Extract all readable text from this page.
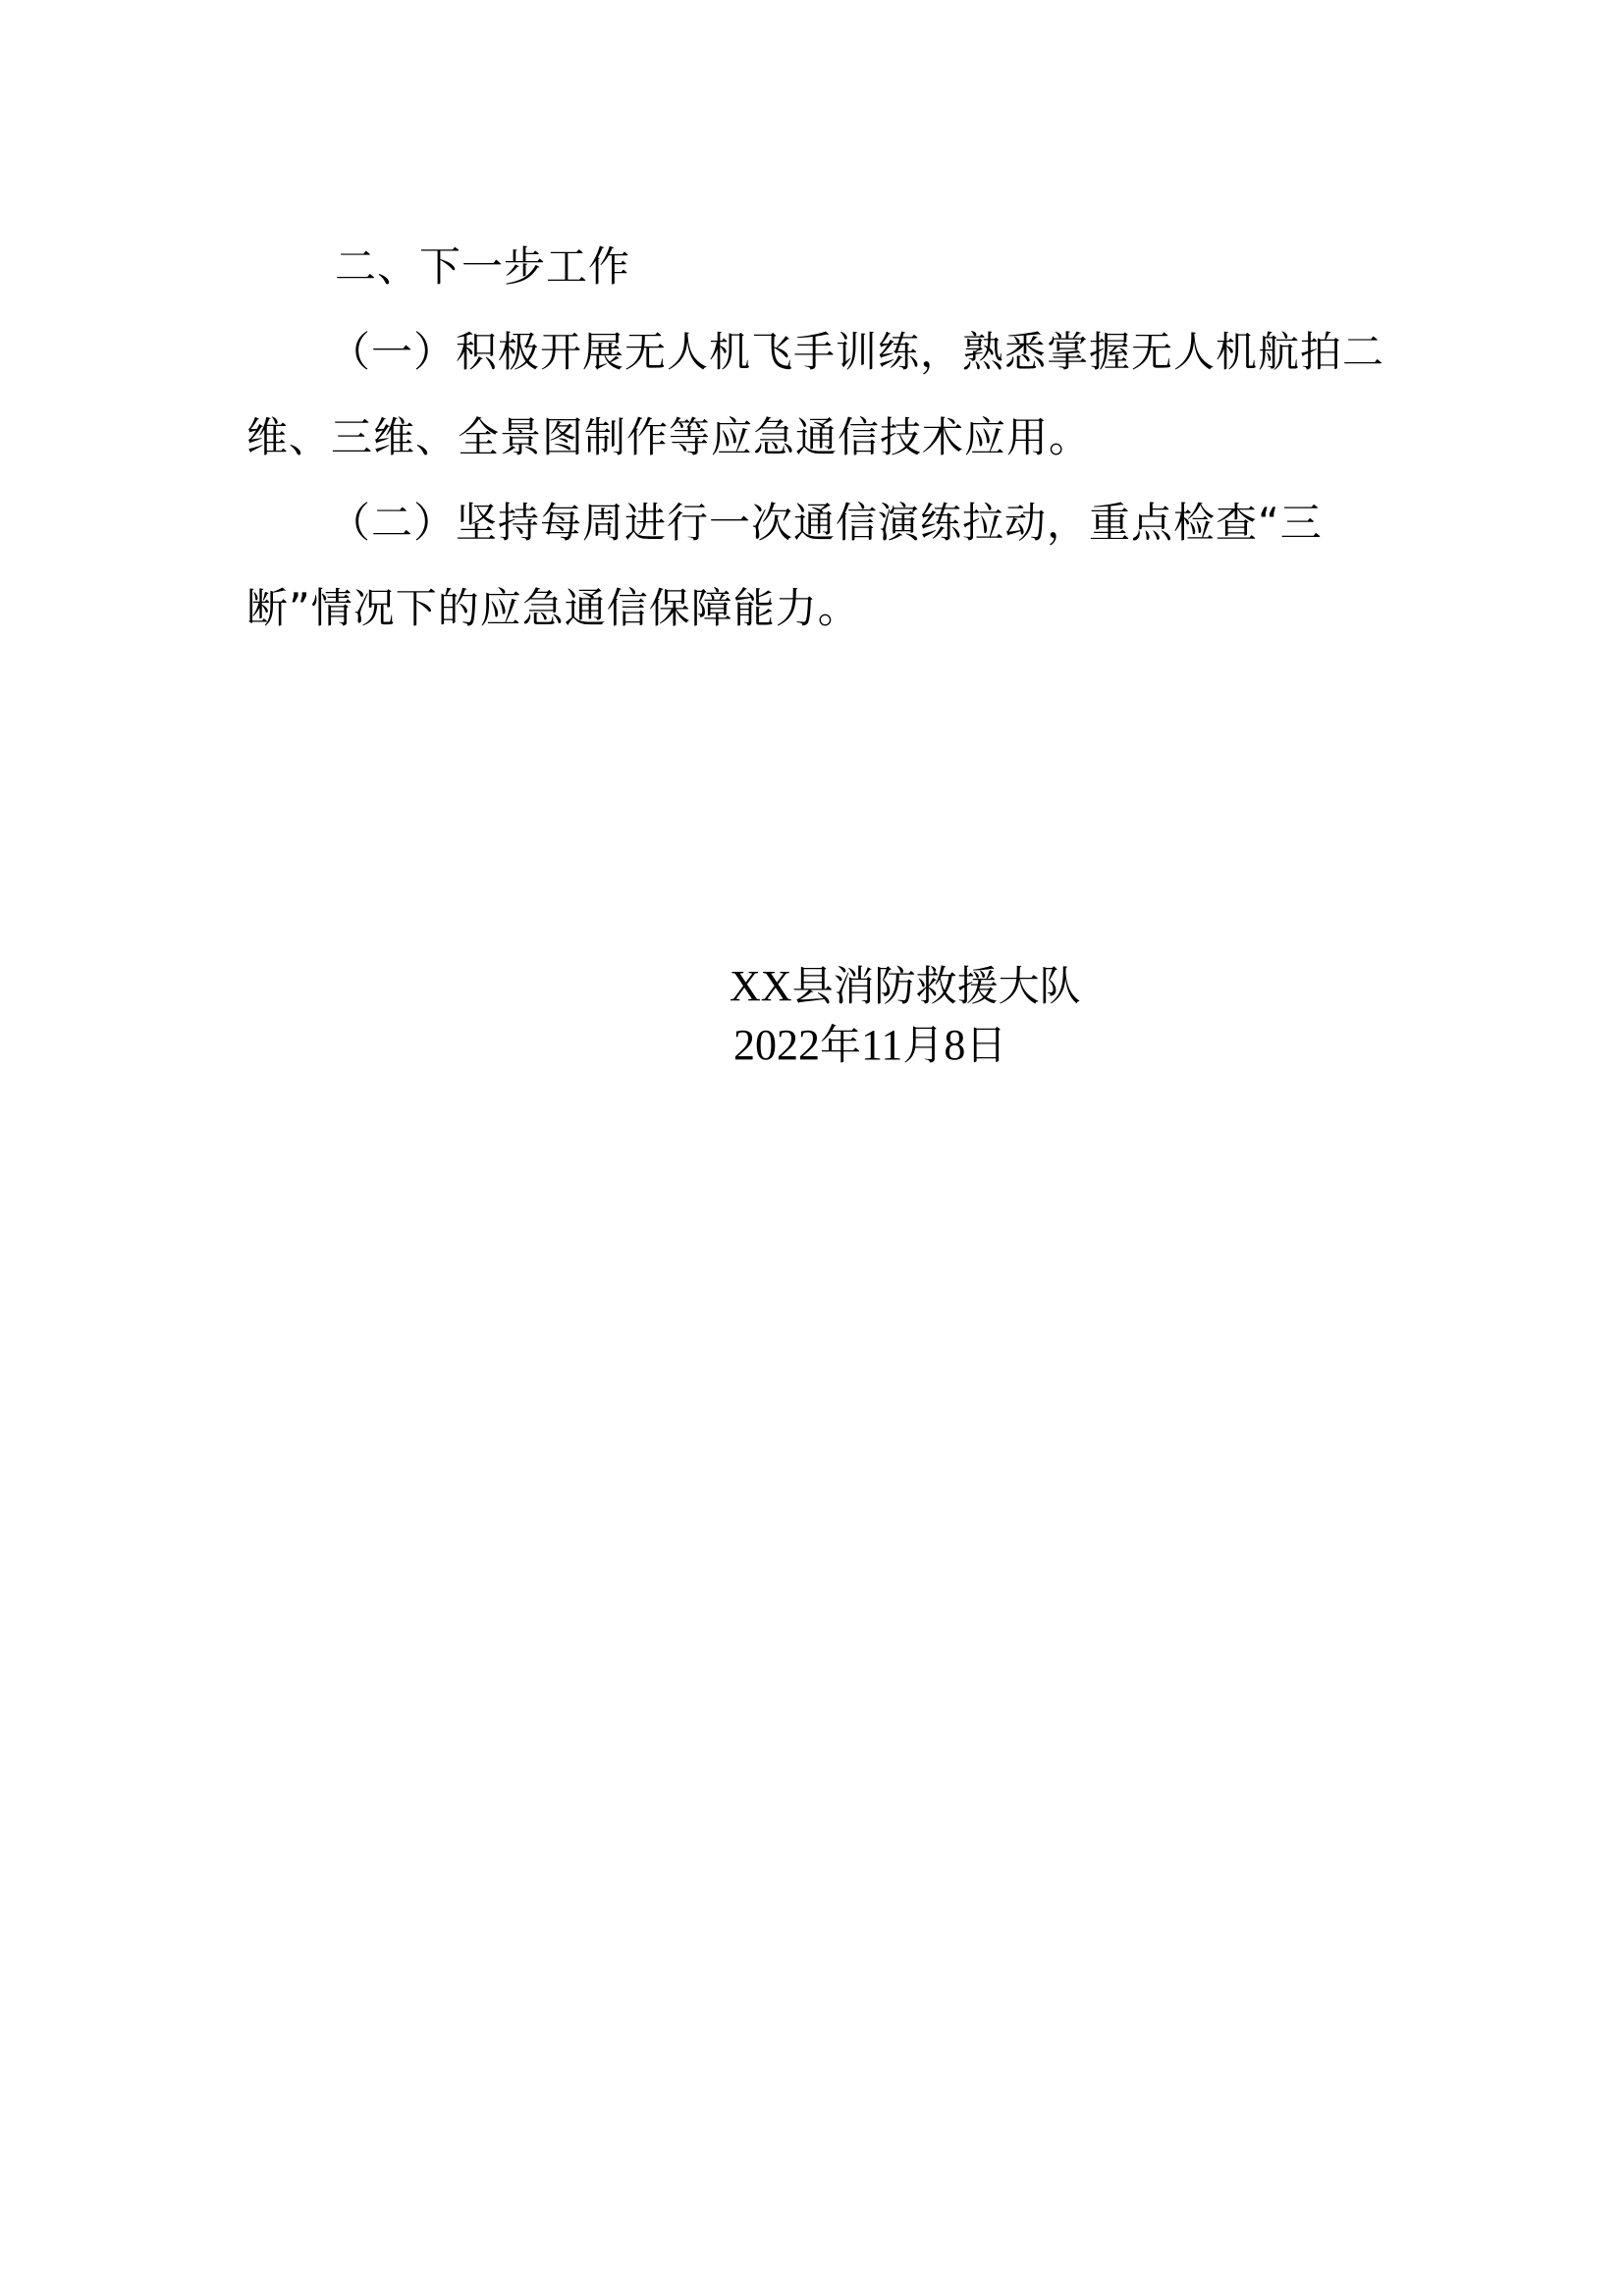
二、下一步工作

（一）积极开展无人机飞手训练，熟悉掌握无人机航拍二

维、三维、全景图制作等应急通信技术应用。

（二）坚持每周进行一次通信演练拉动，重点检查“三

断”情况下的应急通信保障能力。

XX县消防救援大队
2022年11月8日
